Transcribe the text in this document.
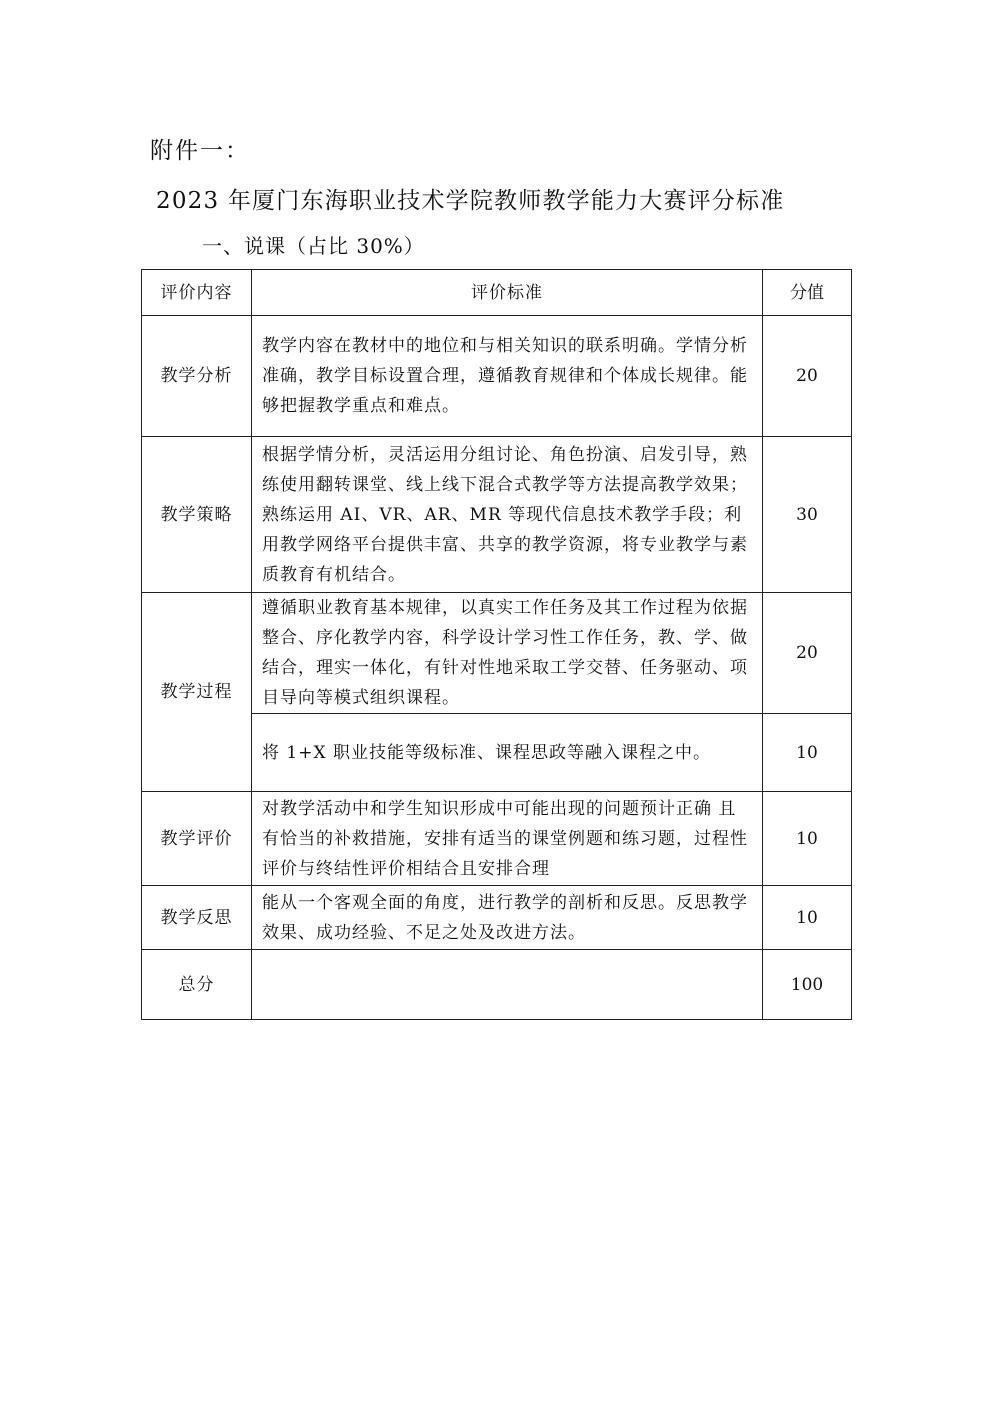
附件一：
2023 年厦门东海职业技术学院教师教学能力大赛评分标准
一、说课（占比 30%）
评价内容	评价标准	分值
教学分析	教学内容在教材中的地位和与相关知识的联系明确。学情分析准确，教学目标设置合理，遵循教育规律和个体成长规律。能够把握教学重点和难点。	20
教学策略	根据学情分析，灵活运用分组讨论、角色扮演、启发引导，熟练使用翻转课堂、线上线下混合式教学等方法提高教学效果；熟练运用 AI、VR、AR、MR 等现代信息技术教学手段；利用教学网络平台提供丰富、共享的教学资源，将专业教学与素质教育有机结合。	30
教学过程	遵循职业教育基本规律，以真实工作任务及其工作过程为依据整合、序化教学内容，科学设计学习性工作任务，教、学、做结合，理实一体化，有针对性地采取工学交替、任务驱动、项目导向等模式组织课程。	20
	将 1+X 职业技能等级标准、课程思政等融入课程之中。	10
教学评价	对教学活动中和学生知识形成中可能出现的问题预计正确 且有恰当的补救措施，安排有适当的课堂例题和练习题，过程性评价与终结性评价相结合且安排合理	10
教学反思	能从一个客观全面的角度，进行教学的剖析和反思。反思教学效果、成功经验、不足之处及改进方法。	10
总分		100
